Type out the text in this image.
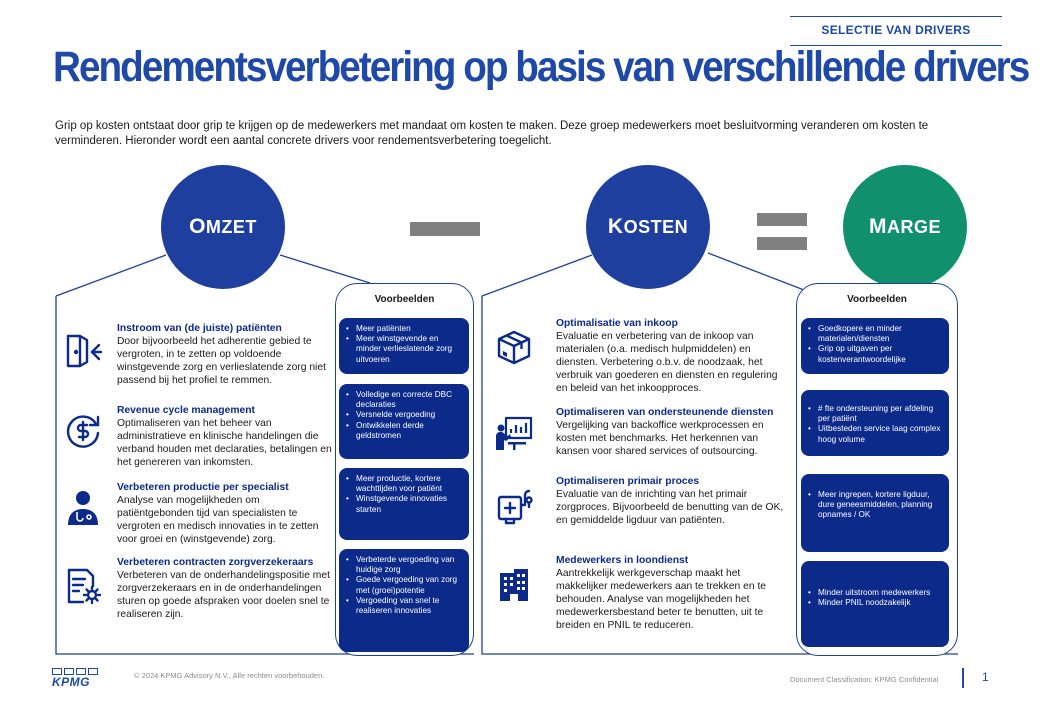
SELECTIE VAN DRIVERS
Rendementsverbetering op basis van verschillende drivers
Grip op kosten ontstaat door grip te krijgen op de medewerkers met mandaat om kosten te maken. Deze groep medewerkers moet besluitvorming veranderen om kosten te verminderen. Hieronder wordt een aantal concrete drivers voor rendementsverbetering toegelicht.
OMZET	KOSTEN	MARGE
Instroom van (de juiste) patiënten
Door bijvoorbeeld het adherentie gebied te vergroten, in te zetten op voldoende winstgevende zorg en verlieslatende zorg niet passend bij het profiel te remmen.
Revenue cycle management
Optimaliseren van het beheer van administratieve en klinische handelingen die verband houden met declaraties, betalingen en het genereren van inkomsten.
Verbeteren productie per specialist
Analyse van mogelijkheden om patiëntgebonden tijd van specialisten te vergroten en medisch innovaties in te zetten voor groei en (winstgevende) zorg.
Verbeteren contracten zorgverzekeraars
Verbeteren van de onderhandelingspositie met zorgverzekeraars en in de onderhandelingen sturen op goede afspraken voor doelen snel te realiseren zijn.
Voorbeelden
• Meer patiënten
• Meer winstgevende en minder verlieslatende zorg uitvoeren
• Volledige en correcte DBC declaraties
• Versnelde vergoeding
• Ontwikkelen derde geldstromen
• Meer productie, kortere wachttijden voor patiënt
• Winstgevende innovaties starten
• Verbeterde vergoeding van huidige zorg
• Goede vergoeding van zorg met (groei)potentie
• Vergoeding van snel te realiseren innovaties
Optimalisatie van inkoop
Evaluatie en verbetering van de inkoop van materialen (o.a. medisch hulpmiddelen) en diensten. Verbetering o.b.v. de noodzaak, het verbruik van goederen en diensten en regulering en beleid van het inkoopproces.
Optimaliseren van ondersteunende diensten
Vergelijking van backoffice werkprocessen en kosten met benchmarks. Het herkennen van kansen voor shared services of outsourcing.
Optimaliseren primair proces
Evaluatie van de inrichting van het primair zorgproces. Bijvoorbeeld de benutting van de OK, en gemiddelde ligduur van patiënten.
Medewerkers in loondienst
Aantrekkelijk werkgeverschap maakt het makkelijker medewerkers aan te trekken en te behouden. Analyse van mogelijkheden het medewerkersbestand beter te benutten, uit te breiden en PNIL te reduceren.
Voorbeelden
• Goedkopere en minder materialen/diensten
• Grip op uitgaven per kostenverantwoordelijke
• # fte ondersteuning per afdeling per patiënt
• Uitbesteden service laag complex hoog volume
• Meer ingrepen, kortere ligduur, dure geneesmiddelen, planning opnames / OK
• Minder uitstroom medewerkers
• Minder PNIL noodzakelijk
KPMG	© 2024 KPMG Advisory N.V., Alle rechten voorbehouden.	Document Classification: KPMG Confidential	1
